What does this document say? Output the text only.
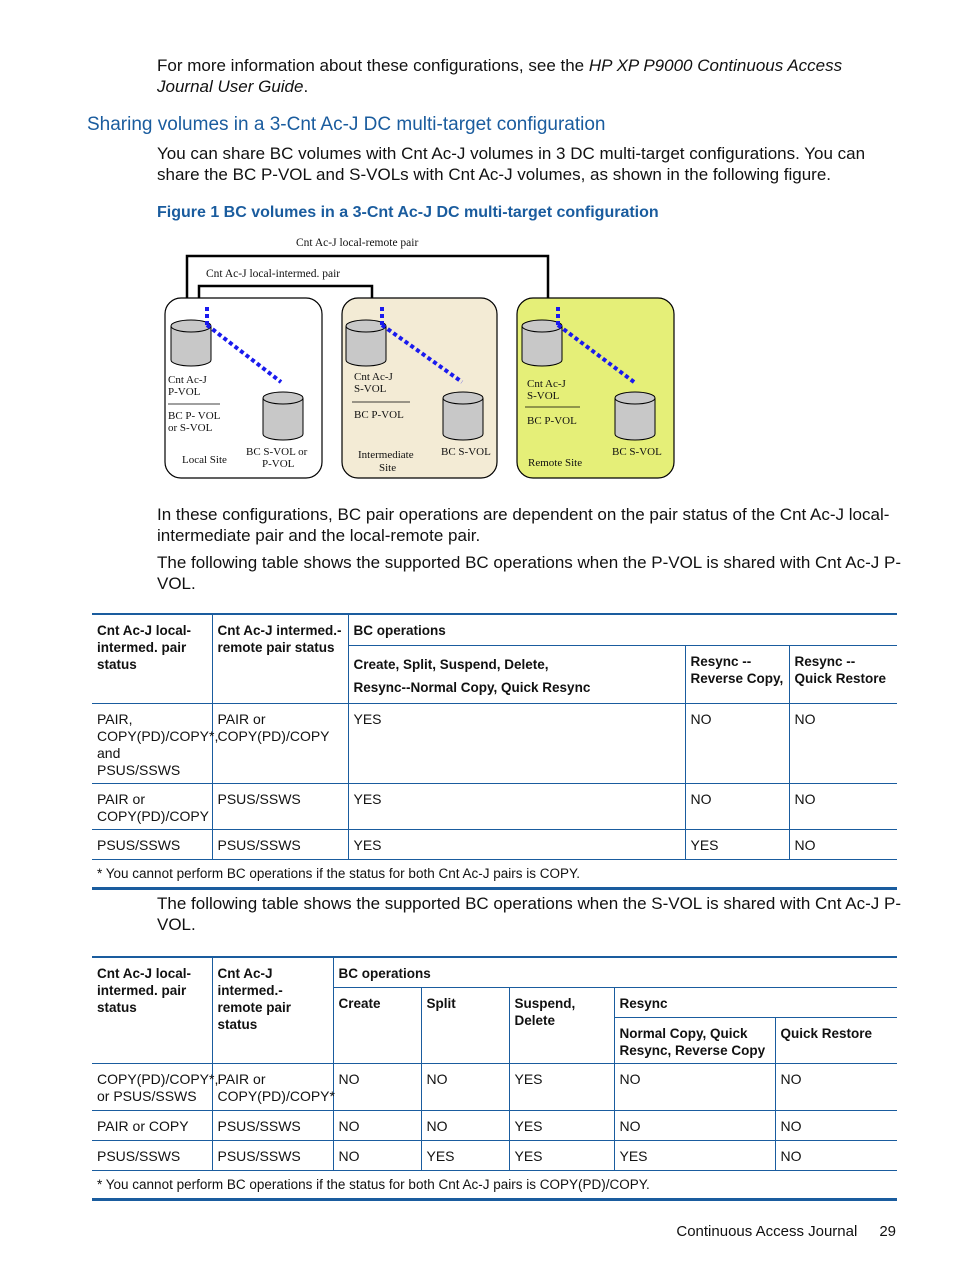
For more information about these configurations, see the HP XP P9000 Continuous Access Journal User Guide.

Sharing volumes in a 3-Cnt Ac-J DC multi-target configuration

You can share BC volumes with Cnt Ac-J volumes in 3 DC multi-target configurations. You can share the BC P-VOL and S-VOLs with Cnt Ac-J volumes, as shown in the following figure.

Figure 1 BC volumes in a 3-Cnt Ac-J DC multi-target configuration

Cnt Ac-J local-remote pair
Cnt Ac-J local-intermed. pair
Cnt Ac-J
P-VOL
BC P- VOL
or S-VOL
BC S-VOL or
P-VOL
Local Site
Cnt Ac-J
S-VOL
BC P-VOL
BC S-VOL
Intermediate
Site
Cnt Ac-J
S-VOL
BC P-VOL
BC S-VOL
Remote Site

In these configurations, BC pair operations are dependent on the pair status of the Cnt Ac-J local-intermediate pair and the local-remote pair.

The following table shows the supported BC operations when the P-VOL is shared with Cnt Ac-J P-VOL.

Cnt Ac-J local-intermed. pair status	Cnt Ac-J intermed.-remote pair status	BC operations		
		Create, Split, Suspend, Delete,
Resync--Normal Copy, Quick Resync	Resync -- Reverse Copy,	Resync -- Quick Restore
PAIR, COPY(PD)/COPY*, and PSUS/SSWS	PAIR or COPY(PD)/COPY	YES	NO	NO
PAIR or COPY(PD)/COPY	PSUS/SSWS	YES	NO	NO
PSUS/SSWS	PSUS/SSWS	YES	YES	NO
* You cannot perform BC operations if the status for both Cnt Ac-J pairs is COPY.				

The following table shows the supported BC operations when the S-VOL is shared with Cnt Ac-J P-VOL.

Cnt Ac-J local-intermed. pair status	Cnt Ac-J intermed.-remote pair status	BC operations				
		Create	Split	Suspend, Delete	Resync	
					Normal Copy, Quick Resync, Reverse Copy	Quick Restore
COPY(PD)/COPY*, or PSUS/SSWS	PAIR or COPY(PD)/COPY*	NO	NO	YES	NO	NO
PAIR or COPY	PSUS/SSWS	NO	NO	YES	NO	NO
PSUS/SSWS	PSUS/SSWS	NO	YES	YES	YES	NO
* You cannot perform BC operations if the status for both Cnt Ac-J pairs is COPY(PD)/COPY.						
Continuous Access Journal 29
